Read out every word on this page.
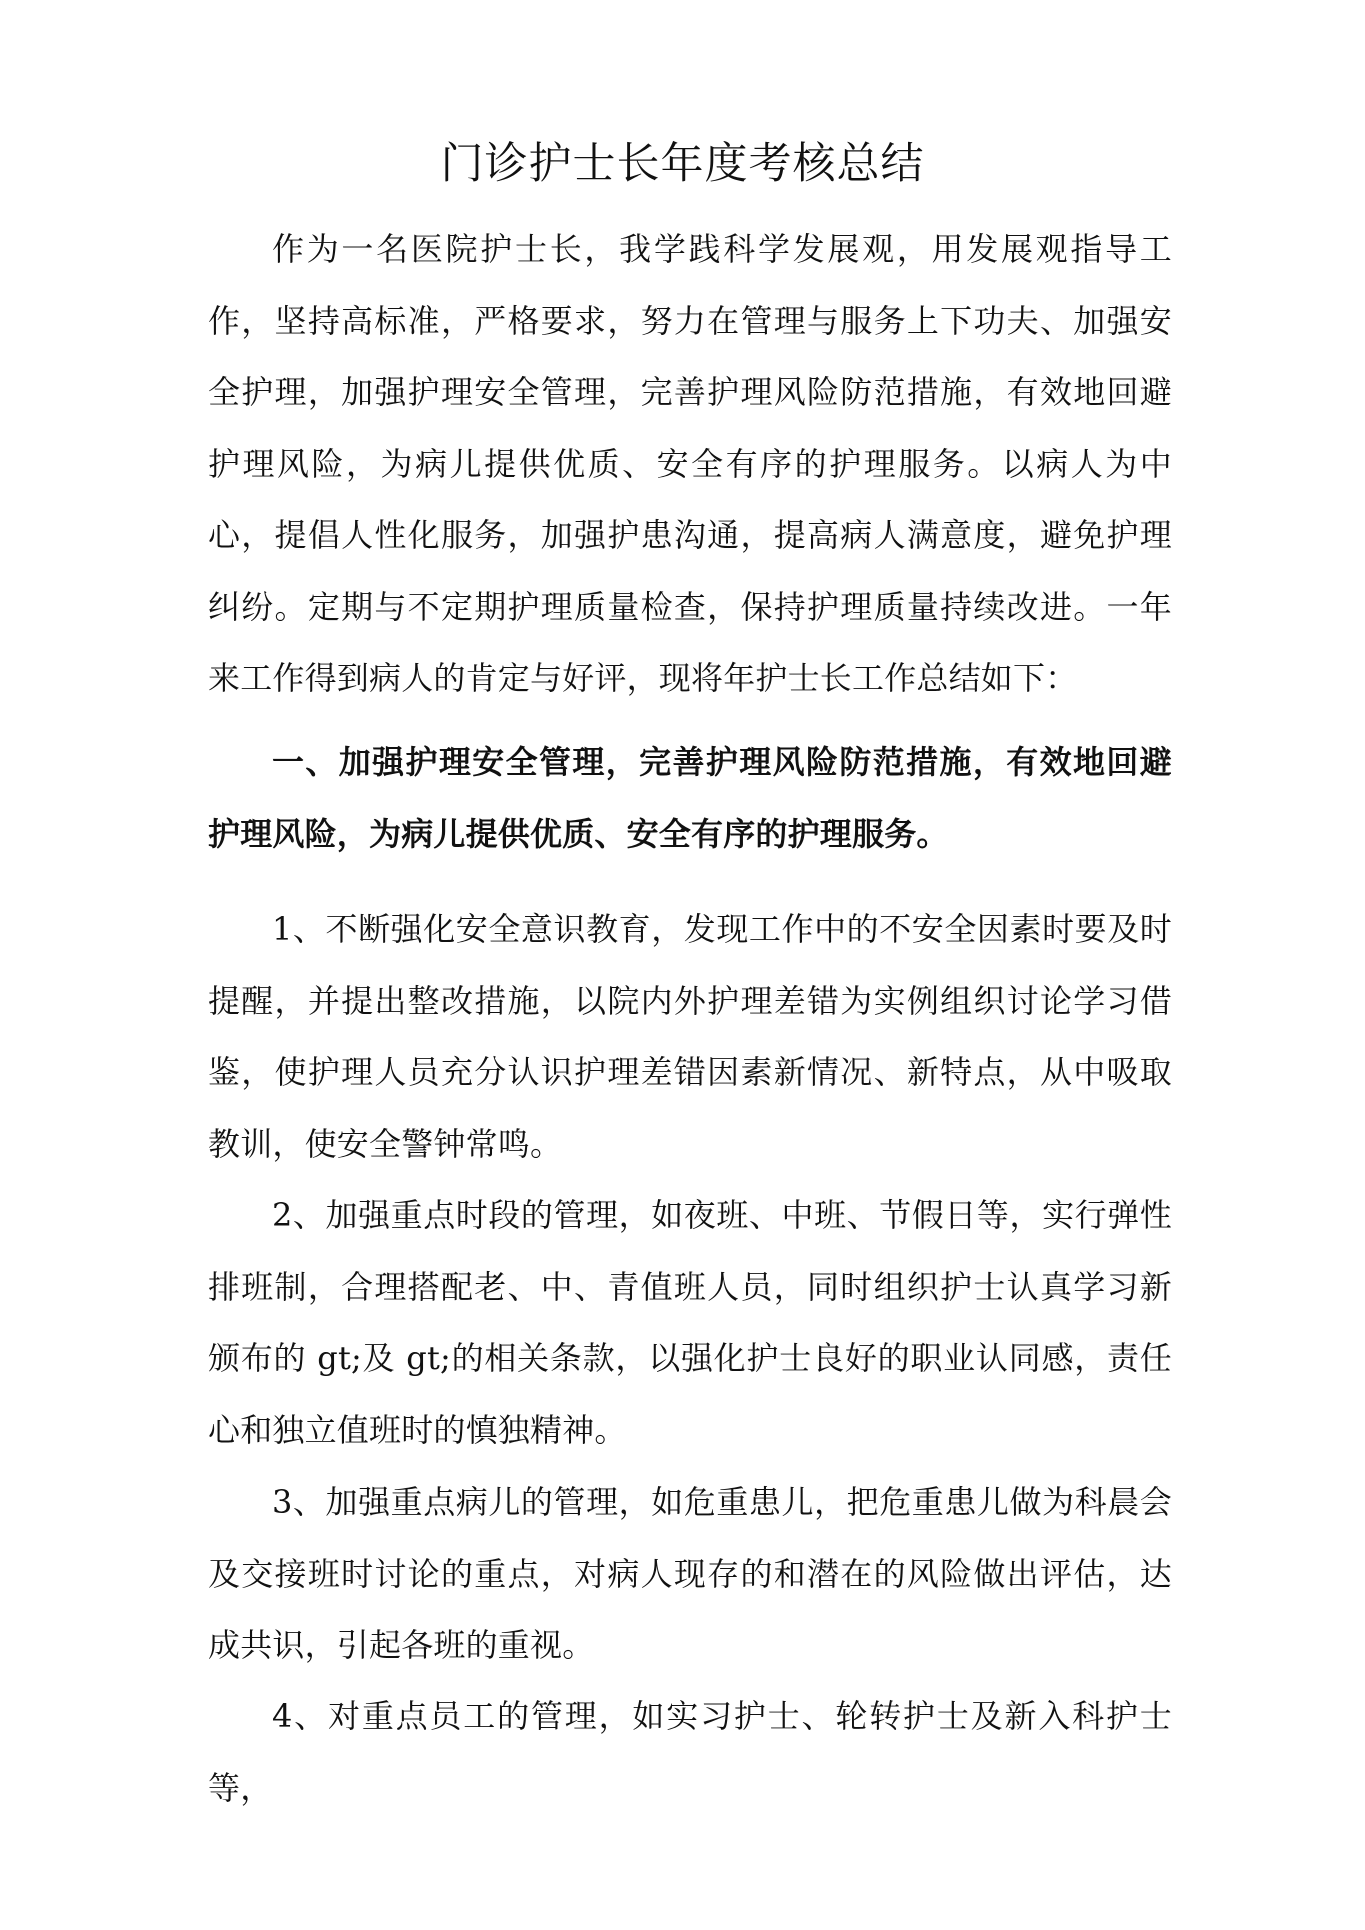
门诊护士长年度考核总结

作为一名医院护士长，我学践科学发展观，用发展观指导工作，坚持高标准，严格要求，努力在管理与服务上下功夫、加强安全护理，加强护理安全管理，完善护理风险防范措施，有效地回避护理风险，为病儿提供优质、安全有序的护理服务。以病人为中心，提倡人性化服务，加强护患沟通，提高病人满意度，避免护理纠纷。定期与不定期护理质量检查，保持护理质量持续改进。一年来工作得到病人的肯定与好评，现将年护士长工作总结如下：

一、加强护理安全管理，完善护理风险防范措施，有效地回避护理风险，为病儿提供优质、安全有序的护理服务。

1、不断强化安全意识教育，发现工作中的不安全因素时要及时提醒，并提出整改措施，以院内外护理差错为实例组织讨论学习借鉴，使护理人员充分认识护理差错因素新情况、新特点，从中吸取教训，使安全警钟常鸣。

2、加强重点时段的管理，如夜班、中班、节假日等，实行弹性排班制，合理搭配老、中、青值班人员，同时组织护士认真学习新颁布的 gt;及 gt;的相关条款，以强化护士良好的职业认同感，责任心和独立值班时的慎独精神。

3、加强重点病儿的管理，如危重患儿，把危重患儿做为科晨会及交接班时讨论的重点，对病人现存的和潜在的风险做出评估，达成共识，引起各班的重视。

4、对重点员工的管理，如实习护士、轮转护士及新入科护士等，
